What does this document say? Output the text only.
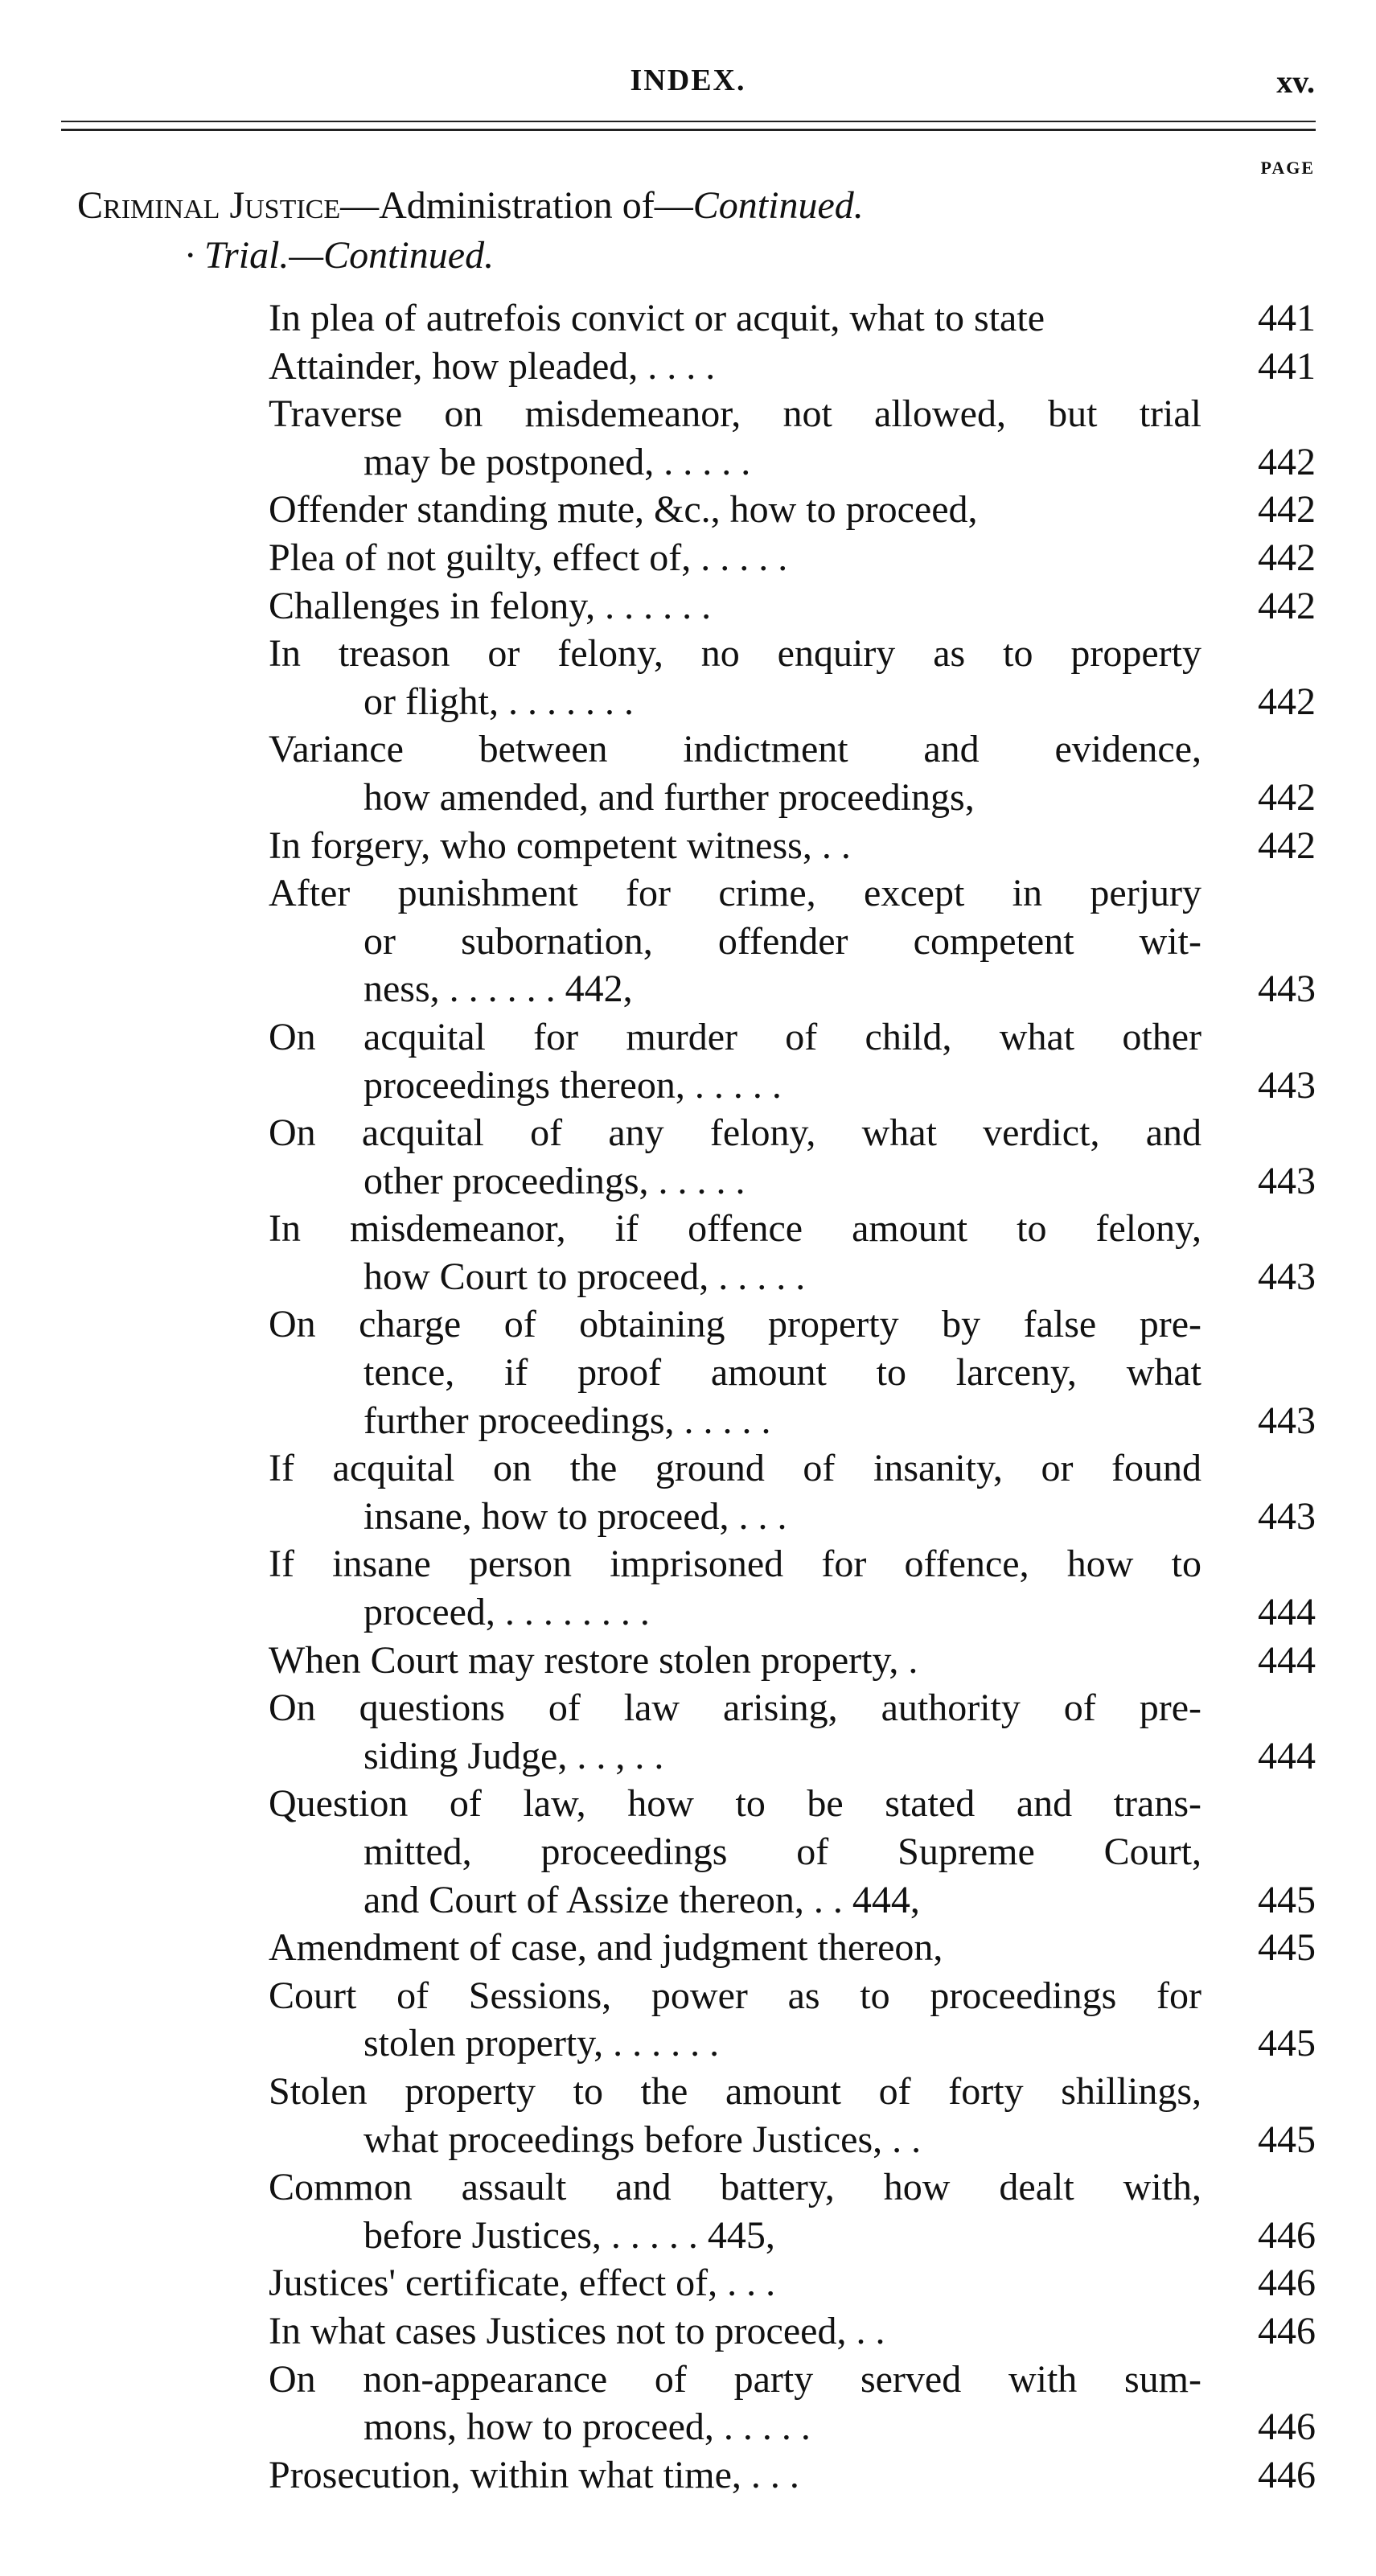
INDEX.	xv.
PAGE
Criminal Justice—Administration of—Continued.
· Trial.—Continued.
In plea of autrefois convict or acquit, what to state	441
Attainder, how pleaded, . . . .	441
Traverse on misdemeanor, not allowed, but trial
may be postponed, . . . . .	442
Offender standing mute, &c., how to proceed,	442
Plea of not guilty, effect of, . . . . .	442
Challenges in felony, . . . . . .	442
In treason or felony, no enquiry as to property
or flight, . . . . . . .	442
Variance between indictment and evidence,
how amended, and further proceedings,	442
In forgery, who competent witness, . .	442
After punishment for crime, except in perjury
or subornation, offender competent wit-
ness, . . . . . . 442,	443
On acquital for murder of child, what other
proceedings thereon, . . . . .	443
On acquital of any felony, what verdict, and
other proceedings, . . . . .	443
In misdemeanor, if offence amount to felony,
how Court to proceed, . . . . .	443
On charge of obtaining property by false pre-
tence, if proof amount to larceny, what
further proceedings, . . . . .	443
If acquital on the ground of insanity, or found
insane, how to proceed, . . .	443
If insane person imprisoned for offence, how to
proceed, . . . . . . . .	444
When Court may restore stolen property, .	444
On questions of law arising, authority of pre-
siding Judge, . . , . .	444
Question of law, how to be stated and trans-
mitted, proceedings of Supreme Court,
and Court of Assize thereon, . . 444,	445
Amendment of case, and judgment thereon,	445
Court of Sessions, power as to proceedings for
stolen property, . . . . . .	445
Stolen property to the amount of forty shillings,
what proceedings before Justices, . .	445
Common assault and battery, how dealt with,
before Justices, . . . . . 445,	446
Justices' certificate, effect of, . . .	446
In what cases Justices not to proceed, . .	446
On non-appearance of party served with sum-
mons, how to proceed, . . . . .	446
Prosecution, within what time, . . .	446
